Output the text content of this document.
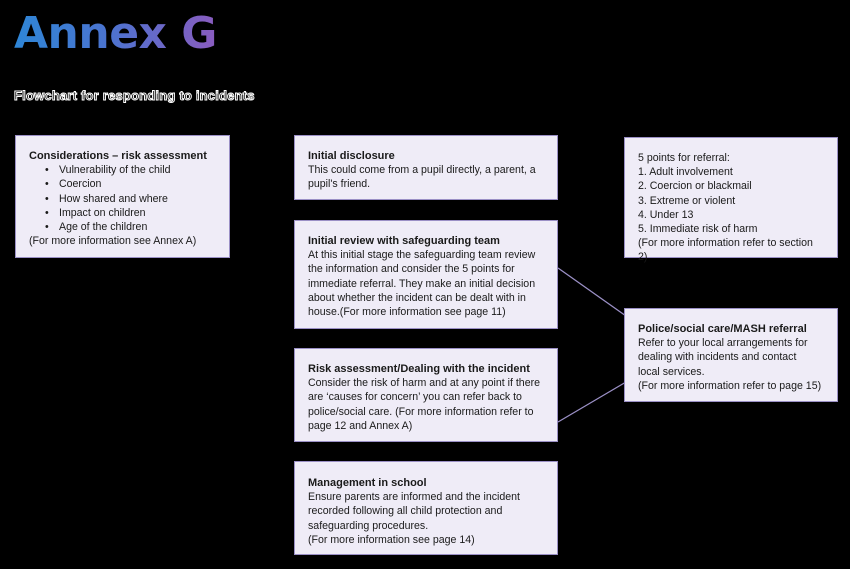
Annex G
Flowchart for responding to incidents
Considerations – risk assessment
• Vulnerability of the child
• Coercion
• How shared and where
• Impact on children
• Age of the children
(For more information see Annex A)
Initial disclosure
This could come from a pupil directly, a parent, a
pupil's friend.
Initial review with safeguarding team
At this initial stage the safeguarding team review
the information and consider the 5 points for
immediate referral. They make an initial decision
about whether the incident can be dealt with in
house.(For more information see page 11)
Risk assessment/Dealing with the incident
Consider the risk of harm and at any point if there
are ‘causes for concern’ you can refer back to
police/social care. (For more information refer to
page 12 and Annex A)
Management in school
Ensure parents are informed and the incident
recorded following all child protection and
safeguarding procedures.
(For more information see page 14)
5 points for referral:
1. Adult involvement
2. Coercion or blackmail
3. Extreme or violent
4. Under 13
5. Immediate risk of harm
(For more information refer to section 2)
Police/social care/MASH referral
Refer to your local arrangements for
dealing with incidents and contact
local services.
(For more information refer to page 15)
